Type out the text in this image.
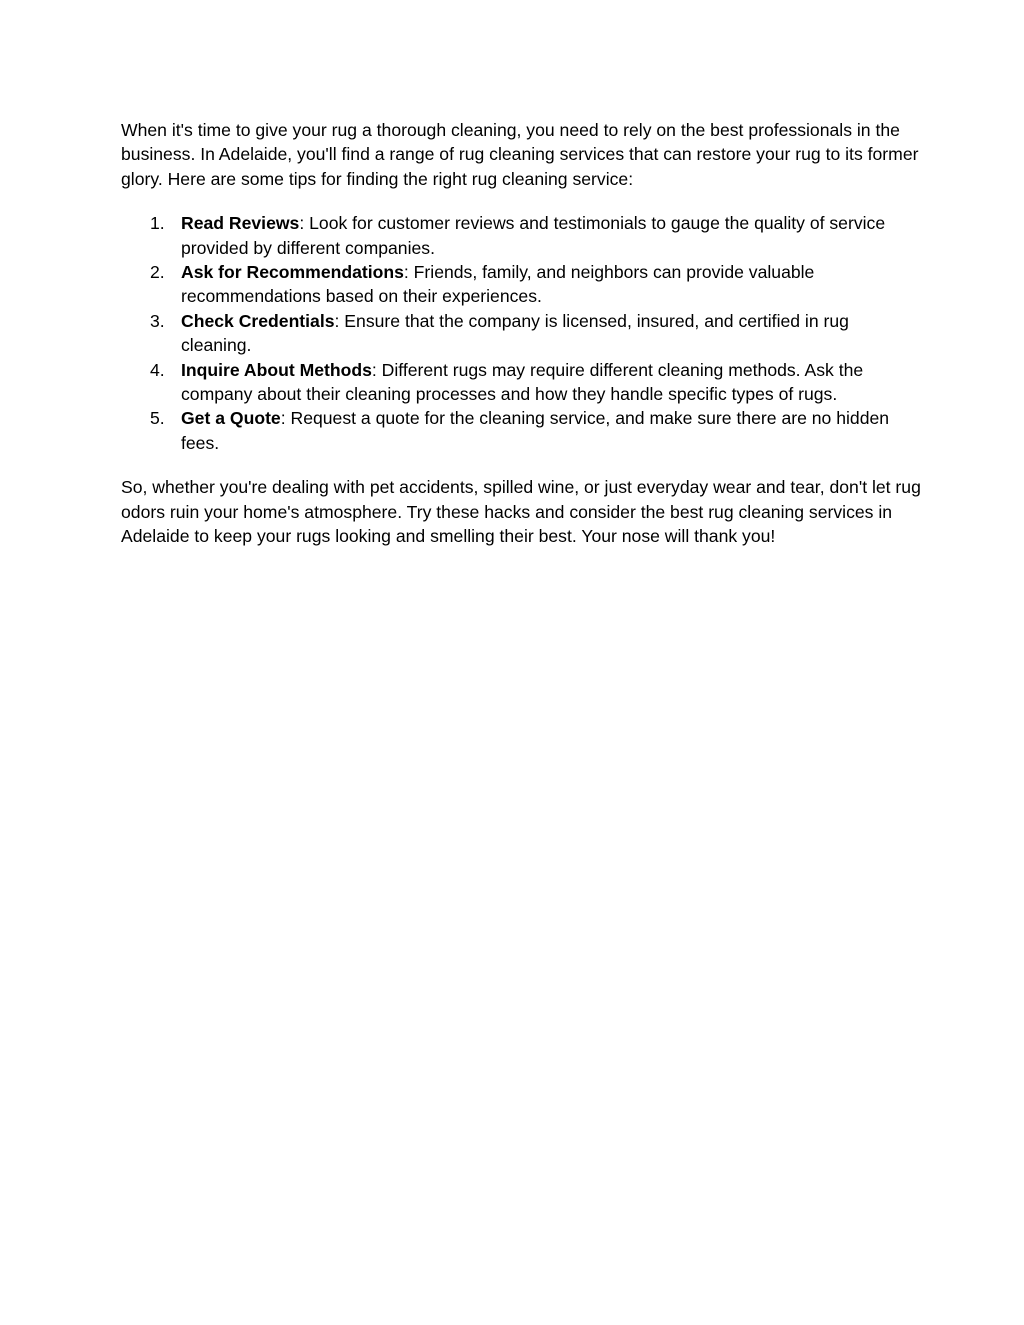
When it's time to give your rug a thorough cleaning, you need to rely on the best professionals in the business. In Adelaide, you'll find a range of rug cleaning services that can restore your rug to its former glory. Here are some tips for finding the right rug cleaning service:

Read Reviews: Look for customer reviews and testimonials to gauge the quality of service provided by different companies.
Ask for Recommendations: Friends, family, and neighbors can provide valuable recommendations based on their experiences.
Check Credentials: Ensure that the company is licensed, insured, and certified in rug cleaning.
Inquire About Methods: Different rugs may require different cleaning methods. Ask the company about their cleaning processes and how they handle specific types of rugs.
Get a Quote: Request a quote for the cleaning service, and make sure there are no hidden fees.

So, whether you're dealing with pet accidents, spilled wine, or just everyday wear and tear, don't let rug odors ruin your home's atmosphere. Try these hacks and consider the best rug cleaning services in Adelaide to keep your rugs looking and smelling their best. Your nose will thank you!
